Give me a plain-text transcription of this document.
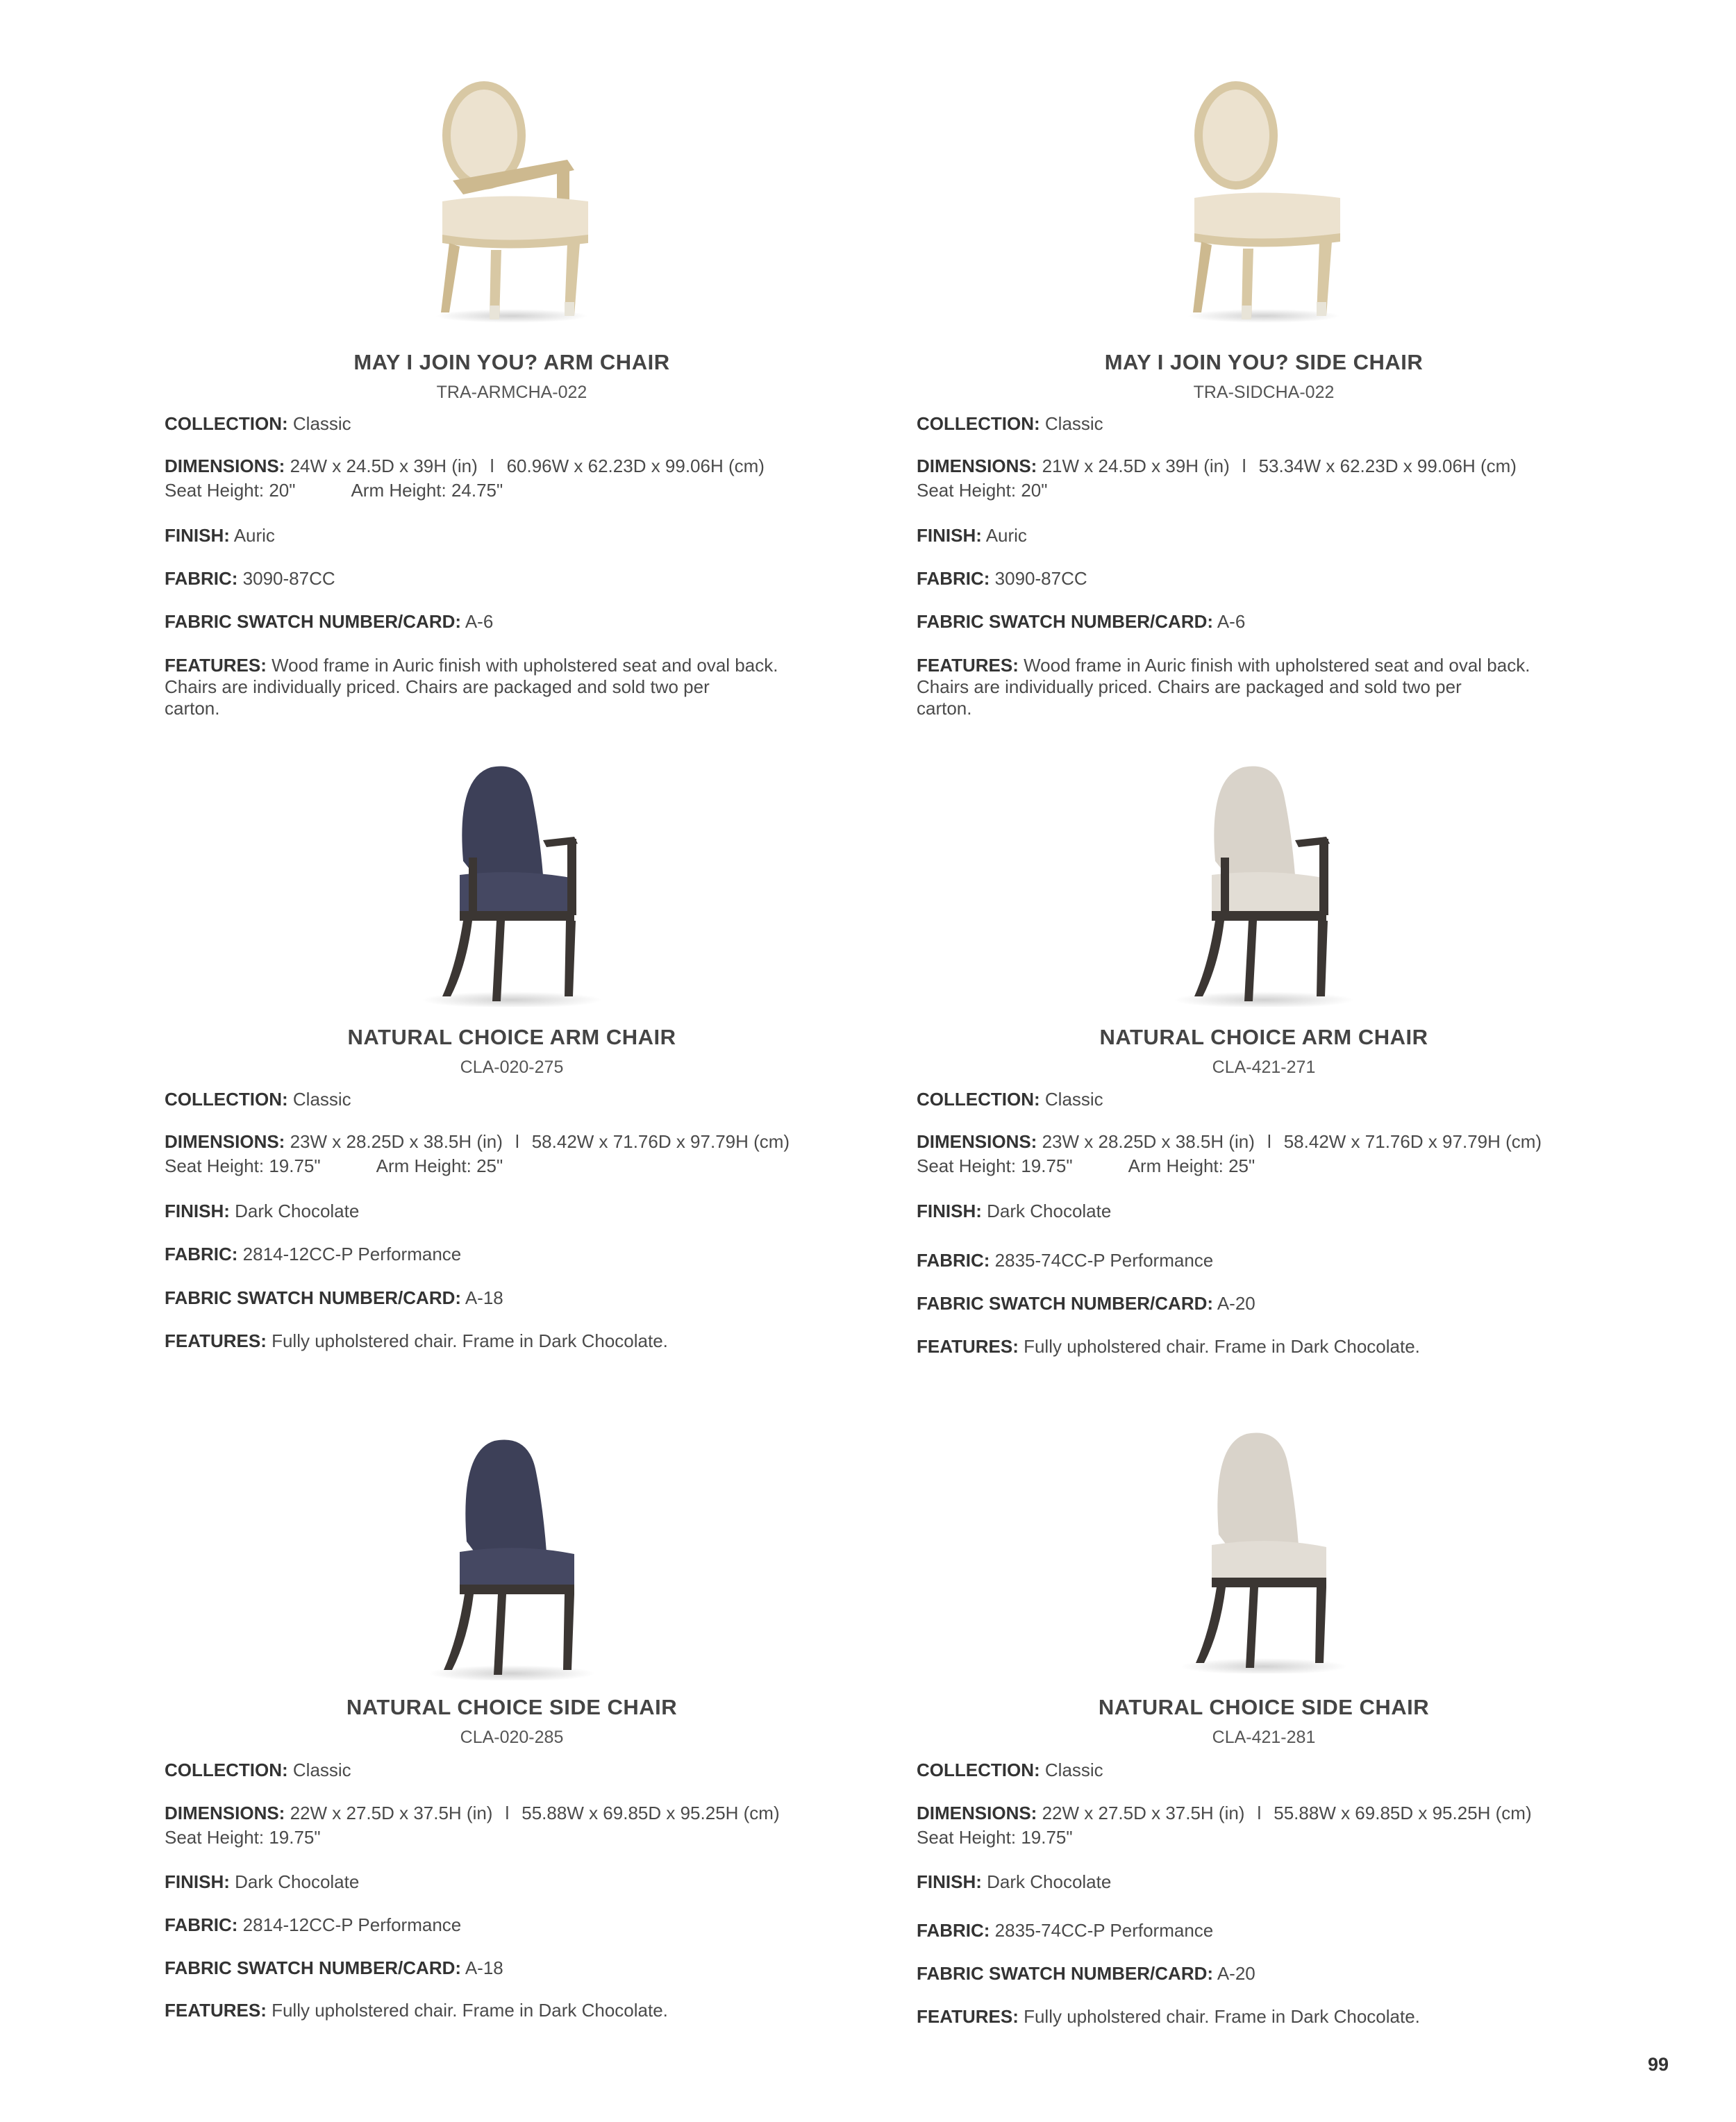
MAY I JOIN YOU? ARM CHAIR
TRA-ARMCHA-022
COLLECTION: Classic
DIMENSIONS: 24W x 24.5D x 39H (in) l 60.96W x 62.23D x 99.06H (cm)
Seat Height: 20"	Arm Height: 24.75"
FINISH: Auric
FABRIC: 3090-87CC
FABRIC SWATCH NUMBER/CARD: A-6
FEATURES: Wood frame in Auric finish with upholstered seat and oval back.
Chairs are individually priced. Chairs are packaged and sold two per
carton.
MAY I JOIN YOU? SIDE CHAIR
TRA-SIDCHA-022
COLLECTION: Classic
DIMENSIONS: 21W x 24.5D x 39H (in) l 53.34W x 62.23D x 99.06H (cm)
Seat Height: 20"
FINISH: Auric
FABRIC: 3090-87CC
FABRIC SWATCH NUMBER/CARD: A-6
FEATURES: Wood frame in Auric finish with upholstered seat and oval back.
Chairs are individually priced. Chairs are packaged and sold two per
carton.
NATURAL CHOICE ARM CHAIR
CLA-020-275
COLLECTION: Classic
DIMENSIONS: 23W x 28.25D x 38.5H (in) l 58.42W x 71.76D x 97.79H (cm)
Seat Height: 19.75"	Arm Height: 25"
FINISH: Dark Chocolate
FABRIC: 2814-12CC-P Performance
FABRIC SWATCH NUMBER/CARD: A-18
FEATURES: Fully upholstered chair. Frame in Dark Chocolate.
NATURAL CHOICE ARM CHAIR
CLA-421-271
COLLECTION: Classic
DIMENSIONS: 23W x 28.25D x 38.5H (in) l 58.42W x 71.76D x 97.79H (cm)
Seat Height: 19.75"	Arm Height: 25"
FINISH: Dark Chocolate
FABRIC: 2835-74CC-P Performance
FABRIC SWATCH NUMBER/CARD: A-20
FEATURES: Fully upholstered chair. Frame in Dark Chocolate.
NATURAL CHOICE SIDE CHAIR
CLA-020-285
COLLECTION: Classic
DIMENSIONS: 22W x 27.5D x 37.5H (in) l 55.88W x 69.85D x 95.25H (cm)
Seat Height: 19.75"
FINISH: Dark Chocolate
FABRIC: 2814-12CC-P Performance
FABRIC SWATCH NUMBER/CARD: A-18
FEATURES: Fully upholstered chair. Frame in Dark Chocolate.
NATURAL CHOICE SIDE CHAIR
CLA-421-281
COLLECTION: Classic
DIMENSIONS: 22W x 27.5D x 37.5H (in) l 55.88W x 69.85D x 95.25H (cm)
Seat Height: 19.75"
FINISH: Dark Chocolate
FABRIC: 2835-74CC-P Performance
FABRIC SWATCH NUMBER/CARD: A-20
FEATURES: Fully upholstered chair. Frame in Dark Chocolate.
99
